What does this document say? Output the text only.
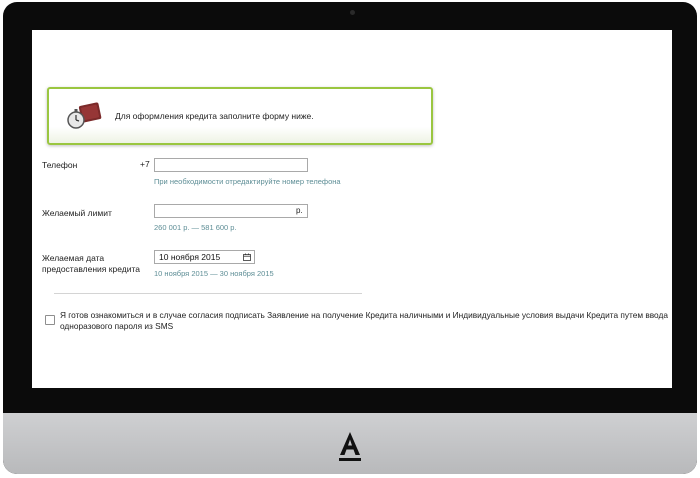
Для оформления кредита заполните форму ниже.
Телефон	+7
При необходимости отредактируйте номер телефона
Желаемый лимит	р.
260 001 р. — 581 600 р.
Желаемая дата
предоставления кредита
10 ноября 2015
10 ноября 2015 — 30 ноября 2015
Я готов ознакомиться и в случае согласия подписать Заявление на получение Кредита наличными и Индивидуальные условия выдачи Кредита путем ввода одноразового пароля из SMS
